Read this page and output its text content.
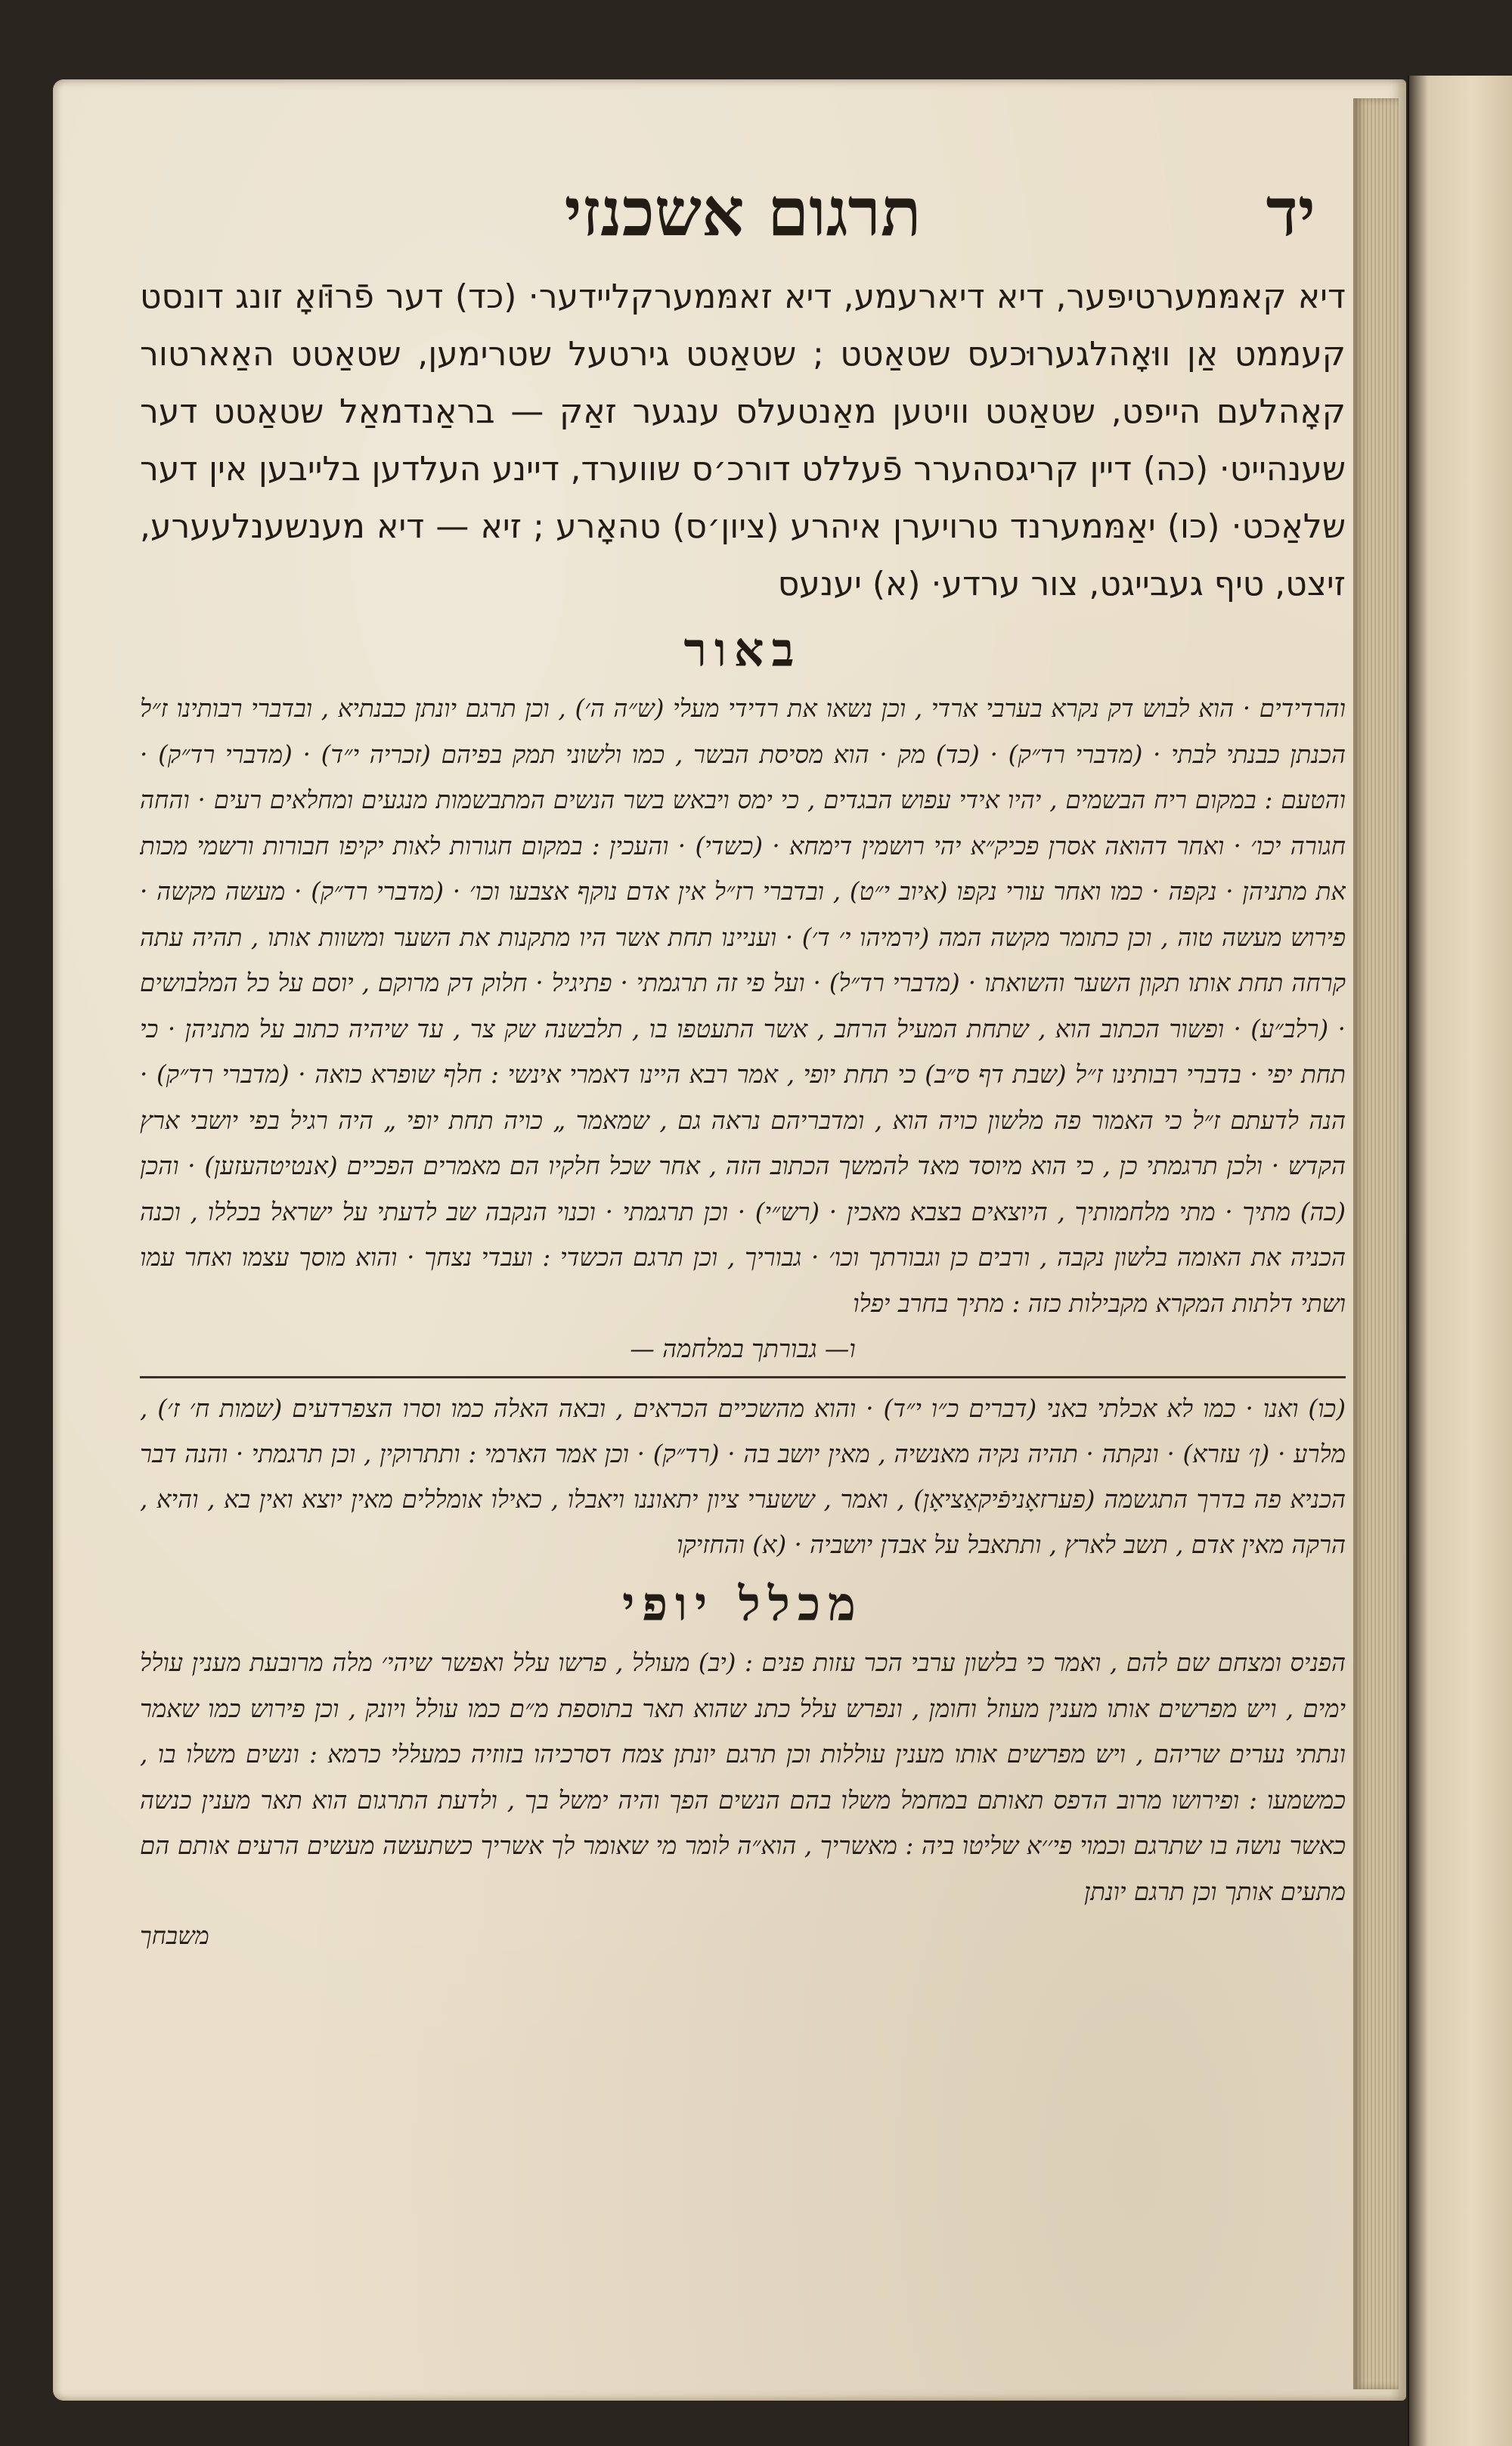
תרגום אשכנזי	יד
דיא קאמּמערטיפּער, דיא דיארעמע, דיא זאמּמערקליידער· (כד) דער פֿרוּוֿאָ זונג דונסט קעממט אַן ווּאָהלגערוּכעס שטאַטט ; שטאַטט גירטעל שטרימען, שטאַטט האַארטור קאָהלעם הייפט, שטאַטט וויטען מאַנטעלס ענגער זאַק — בראַנדמאַל שטאַטט דער שענהייט· (כה) דיין קריגסהערר פֿעללט דורכ׳ס שווערד, דיינע העלדען בלייבען אין דער שלאַכט· (כו) יאַמּמערנד טרויערן איהרע (ציון׳ס) טהאָרע ; זיא — דיא מענשענלעערע, זיצט, טיף געבייגט, צור ערדע· (א) יענעס
באור
והרדידים · הוא לבוש דק נקרא בערבי ארדי , וכן נשאו את רדידי מעלי (ש״ה ה׳) , וכן תרגם יונתן כבנתיא , ובדברי רבותינו ז״ל הכנתן כבנתי לבתי · (מדברי רד״ק) · (כד) מק · הוא מסיסת הבשר , כמו ולשוני תמק בפיהם (זכריה י״ד) · (מדברי רד״ק) · והטעם : במקום ריח הבשמים , יהיו אידי עפוש הבגדים , כי ימס ויבאש בשר הנשים המתבשמות מנגעים ומחלאים רעים · והחה חגורה יכו׳ · ואחר דהואה אסרן פכיק״א יהי רושמין דימחא · (כשדי) · והעכין : במקום חגורות לאות יקיפו חבורות ורשמי מכות את מתניהן · נקפה · כמו ואחר עורי נקפו (איוב י״ט) , ובדברי רז״ל אין אדם נוקף אצבעו וכו׳ · (מדברי רד״ק) · מעשה מקשה · פירוש מעשה טוה , וכן כתומר מקשה המה (ירמיהו י׳ ד׳) · ועניינו תחת אשר היו מתקנות את השער ומשוות אותו , תהיה עתה קרחה תחת אותו תקון השער והשואתו · (מדברי רד״ל) · ועל פי זה תרגמתי · פתיגיל · חלוק דק מרוקם , יוסם על כל המלבושים · (רלב״ע) · ופשור הכתוב הוא , שתחת המעיל הרחב , אשר התעטפו בו , תלבשנה שק צר , עד שיהיה כתוב על מתניהן · כי תחת יפי · בדברי רבותינו ז״ל (שבת דף ס״ב) כי תחת יופי , אמר רבא היינו דאמרי אינשי : חלף שופרא כואה · (מדברי רד״ק) · הנה לדעתם ז״ל כי האמור פה מלשון כויה הוא , ומדבריהם נראה גם , שמאמר „ כויה תחת יופי „ היה רגיל בפי יושבי ארץ הקדש · ולכן תרגמתי כן , כי הוא מיוסד מאד להמשך הכתוב הזה , אחר שכל חלקיו הם מאמרים הפכיים (אנטיטהעזען) · והכן (כה) מתיך · מתי מלחמותיך , היוצאים בצבא מאכין · (רש״י) · וכן תרגמתי · וכנוי הנקבה שב לדעתי על ישראל בכללו , וכנה הכניה את האומה בלשון נקבה , ורבים כן וגבורתך וכו׳ · גבוריך , וכן תרגם הכשדי : ועבדי נצחך · והוא מוסך עצמו ואחר עמו ושתי דלתות המקרא מקבילות כזה : מתיך בחרב יפלו
ו— גבורתך במלחמה —
(כו) ואנו · כמו לא אכלתי באני (דברים כ״ו י״ד) · והוא מהשכיים הכראים , ובאה האלה כמו וסרו הצפרדעים (שמות ח׳ ז׳) , מלרע · (ן׳ עזרא) · ונקתה · תהיה נקיה מאנשיה , מאין יושב בה · (רד״ק) · וכן אמר הארמי : ותתרוקין , וכן תרגמתי · והנה דבר הכניא פה בדרך התגשמה (פערזאָניפֿיקאַציאָן) , ואמר , ששערי ציון יתאוננו ויאבלו , כאילו אומללים מאין יוצא ואין בא , והיא , הרקה מאין אדם , תשב לארץ , ותתאבל על אבדן יושביה · (א) והחזיקו
מכלל יופי
הפניס ומצחם שם להם , ואמר כי בלשון ערבי הכר עזות פנים : (יב) מעולל , פרשו עלל ואפשר שיהי׳ מלה מרובעת מענין עולל ימים , ויש מפרשים אותו מענין מעוזל וחומן , ונפרש עלל כתנ שהוא תאר בתוספת מ״ם כמו עולל ויונק , וכן פירוש כמו שאמר ונתתי נערים שריהם , ויש מפרשים אותו מענין עוללות וכן תרגם יונתן צמח דסרכיהו בזוזיה כמעללי כרמא : ונשים משלו בו , כמשמעו : ופירושו מרוב הדפס תאותם במחמל משלו בהם הנשים הפך והיה ימשל בך , ולדעת התרגום הוא תאר מענין כנשה כאשר נושה בו שתרגם וכמוי פי׳׳א שליטו ביה : מאשריך , הוא״ה לומר מי שאומר לך אשריך כשתעשה מעשים הרעים אותם הם מתעים אותך וכן תרגם יונתן
משבחך
